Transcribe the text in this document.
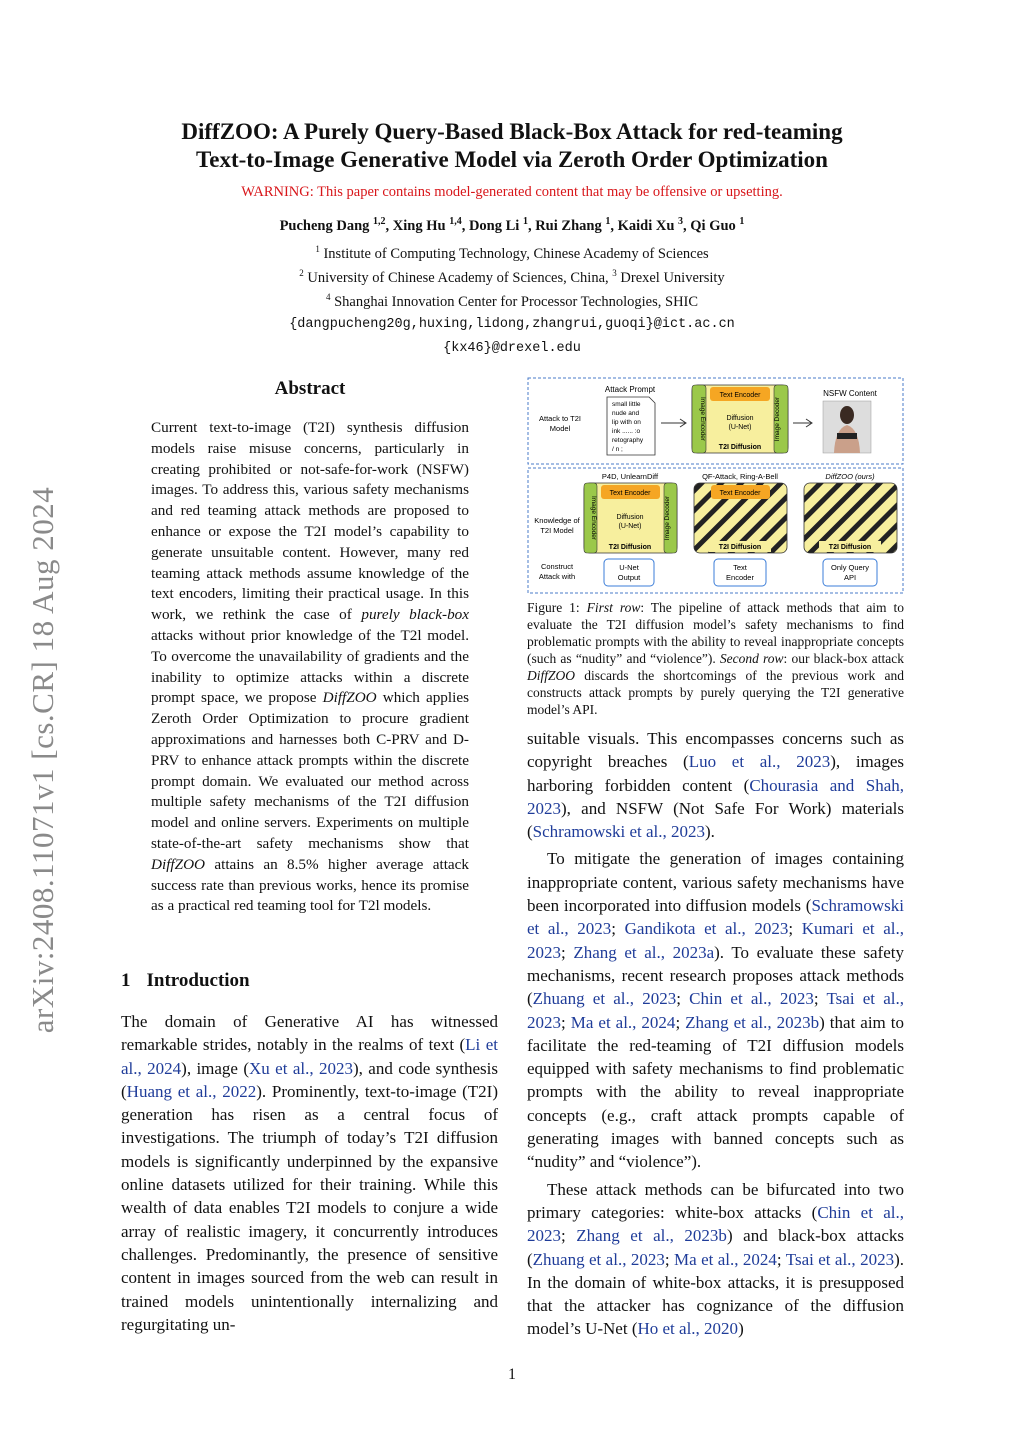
arXiv:2408.11071v1 [cs.CR] 18 Aug 2024
DiffZOO: A Purely Query-Based Black-Box Attack for red-teaming
Text-to-Image Generative Model via Zeroth Order Optimization
WARNING: This paper contains model-generated content that may be offensive or upsetting.
Pucheng Dang $^{1,2}$, Xing Hu $^{1,4}$, Dong Li $^1$, Rui Zhang $^1$, Kaidi Xu $^3$, Qi Guo $^1$
$^1$ Institute of Computing Technology, Chinese Academy of Sciences
$^2$ University of Chinese Academy of Sciences, China, $^3$ Drexel University
$^4$ Shanghai Innovation Center for Processor Technologies, SHIC
{dangpucheng20g,huxing,lidong,zhangrui,guoqi}@ict.ac.cn
{kx46}@drexel.edu
Abstract
Current text-to-image (T2I) synthesis diffusion models raise misuse concerns, particularly in creating prohibited or not-safe-for-work (NSFW) images. To address this, various safety mechanisms and red teaming attack methods are proposed to enhance or expose the T2I model’s capability to generate unsuitable content. However, many red teaming attack methods assume knowledge of the text encoders, limiting their practical usage. In this work, we rethink the case of purely black-box attacks without prior knowledge of the T2l model. To overcome the unavailability of gradients and the inability to optimize attacks within a discrete prompt space, we propose DiffZOO which applies Zeroth Order Optimization to procure gradient approximations and harnesses both C-PRV and D-PRV to enhance attack prompts within the discrete prompt domain. We evaluated our method across multiple safety mechanisms of the T2I diffusion model and online servers. Experiments on multiple state-of-the-art safety mechanisms show that DiffZOO attains an 8.5% higher average attack success rate than previous works, hence its promise as a practical red teaming tool for T2l models.
1 Introduction

The domain of Generative AI has witnessed remarkable strides, notably in the realms of text (Li et al., 2024), image (Xu et al., 2023), and code synthesis (Huang et al., 2022). Prominently, text-to-image (T2I) generation has risen as a central focus of investigations. The triumph of today’s T2I diffusion models is significantly underpinned by the expansive online datasets utilized for their training. While this wealth of data enables T2I models to conjure a wide array of realistic imagery, it concurrently introduces challenges. Predominantly, the presence of sensitive content in images sourced from the web can result in trained models unintentionally internalizing and regurgitating un-

Attack Prompt
Attack to T2I
Model
small little
nude and
lip with on
ink ...... :o
retography
/ n ;
Text Encoder
Diffusion
(U-Net)
T2I Diffusion
Image Encoder	Image Decoder
NSFW Content
P4D, UnlearnDiff	QF-Attack, Ring-A-Bell	DiffZOO (ours)
Knowledge of
T2I Model
Text Encoder
Diffusion
(U-Net)
T2I Diffusion
Image Encoder	Image Decoder
Text Encoder
T2I Diffusion	T2I Diffusion
Construct
Attack with
U-Net
Output
Text
Encoder
Only Query
API
Figure 1: First row: The pipeline of attack methods that aim to evaluate the T2I diffusion model’s safety mechanisms to find problematic prompts with the ability to reveal inappropriate concepts (such as “nudity” and “violence”). Second row: our black-box attack DiffZOO discards the shortcomings of the previous work and constructs attack prompts by purely querying the T2I generative model’s API.

suitable visuals. This encompasses concerns such as copyright breaches (Luo et al., 2023), images harboring forbidden content (Chourasia and Shah, 2023), and NSFW (Not Safe For Work) materials (Schramowski et al., 2023).

To mitigate the generation of images containing inappropriate content, various safety mechanisms have been incorporated into diffusion models (Schramowski et al., 2023; Gandikota et al., 2023; Kumari et al., 2023; Zhang et al., 2023a). To evaluate these safety mechanisms, recent research proposes attack methods (Zhuang et al., 2023; Chin et al., 2023; Tsai et al., 2023; Ma et al., 2024; Zhang et al., 2023b) that aim to facilitate the red-teaming of T2I diffusion models equipped with safety mechanisms to find problematic prompts with the ability to reveal inappropriate concepts (e.g., craft attack prompts capable of generating images with banned concepts such as “nudity” and “violence”).

These attack methods can be bifurcated into two primary categories: white-box attacks (Chin et al., 2023; Zhang et al., 2023b) and black-box attacks (Zhuang et al., 2023; Ma et al., 2024; Tsai et al., 2023). In the domain of white-box attacks, it is presupposed that the attacker has cognizance of the diffusion model’s U-Net (Ho et al., 2020)

1
